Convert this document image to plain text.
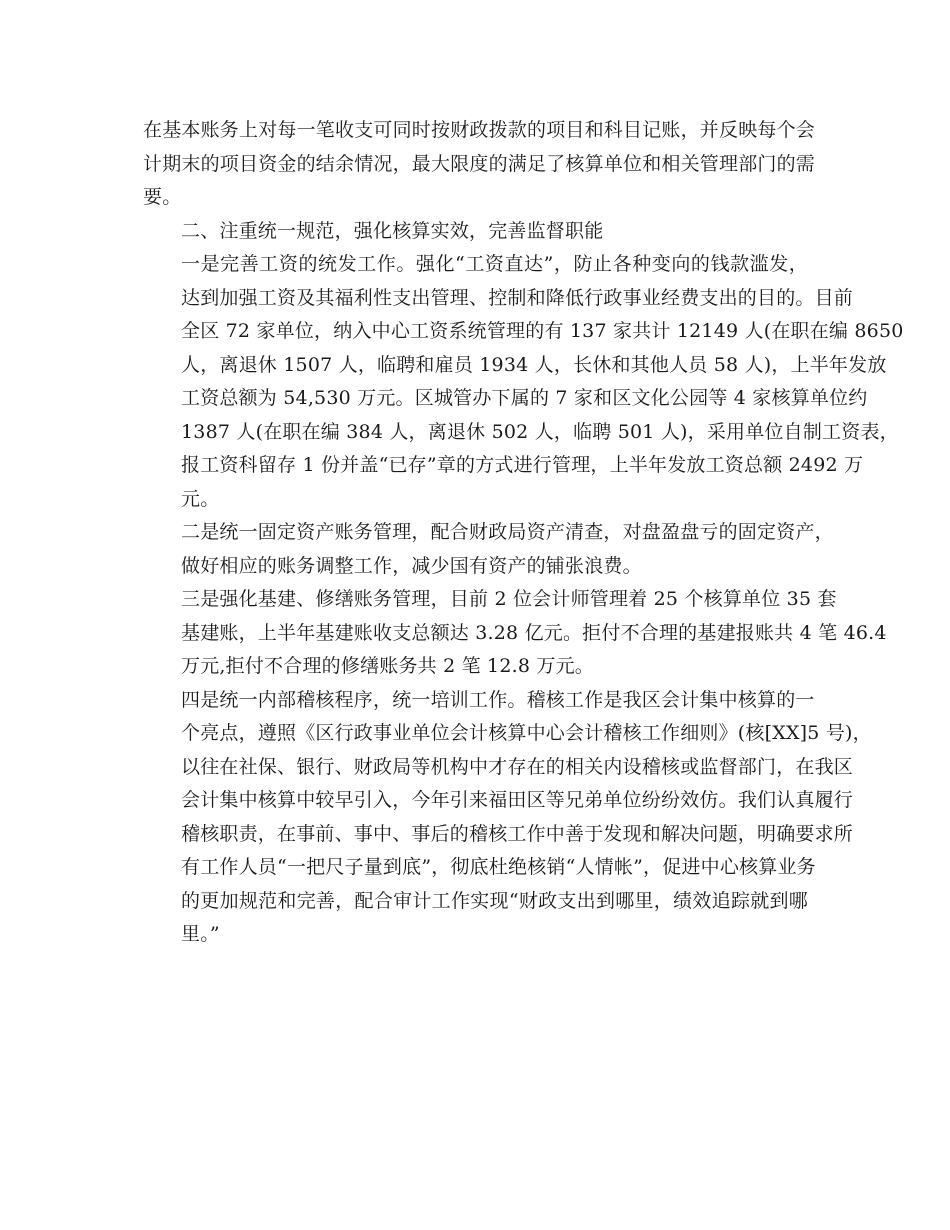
在基本账务上对每一笔收支可同时按财政拨款的项目和科目记账，并反映每个会
计期末的项目资金的结余情况，最大限度的满足了核算单位和相关管理部门的需
要。

二、注重统一规范，强化核算实效，完善监督职能

一是完善工资的统发工作。强化“工资直达”，防止各种变向的钱款滥发，
达到加强工资及其福利性支出管理、控制和降低行政事业经费支出的目的。目前
全区 72 家单位，纳入中心工资系统管理的有 137 家共计 12149 人(在职在编 8650
人，离退休 1507 人，临聘和雇员 1934 人，长休和其他人员 58 人)，上半年发放
工资总额为 54,530 万元。区城管办下属的 7 家和区文化公园等 4 家核算单位约
1387 人(在职在编 384 人，离退休 502 人，临聘 501 人)，采用单位自制工资表，
报工资科留存 1 份并盖“已存”章的方式进行管理，上半年发放工资总额 2492 万
元。

二是统一固定资产账务管理，配合财政局资产清查，对盘盈盘亏的固定资产，
做好相应的账务调整工作，减少国有资产的铺张浪费。

三是强化基建、修缮账务管理，目前 2 位会计师管理着 25 个核算单位 35 套
基建账，上半年基建账收支总额达 3.28 亿元。拒付不合理的基建报账共 4 笔 46.4
万元,拒付不合理的修缮账务共 2 笔 12.8 万元。

四是统一内部稽核程序，统一培训工作。稽核工作是我区会计集中核算的一
个亮点，遵照《区行政事业单位会计核算中心会计稽核工作细则》(核[XX]5 号)，
以往在社保、银行、财政局等机构中才存在的相关内设稽核或监督部门，在我区
会计集中核算中较早引入，今年引来福田区等兄弟单位纷纷效仿。我们认真履行
稽核职责，在事前、事中、事后的稽核工作中善于发现和解决问题，明确要求所
有工作人员“一把尺子量到底”，彻底杜绝核销“人情帐”，促进中心核算业务
的更加规范和完善，配合审计工作实现“财政支出到哪里，绩效追踪就到哪
里。”
